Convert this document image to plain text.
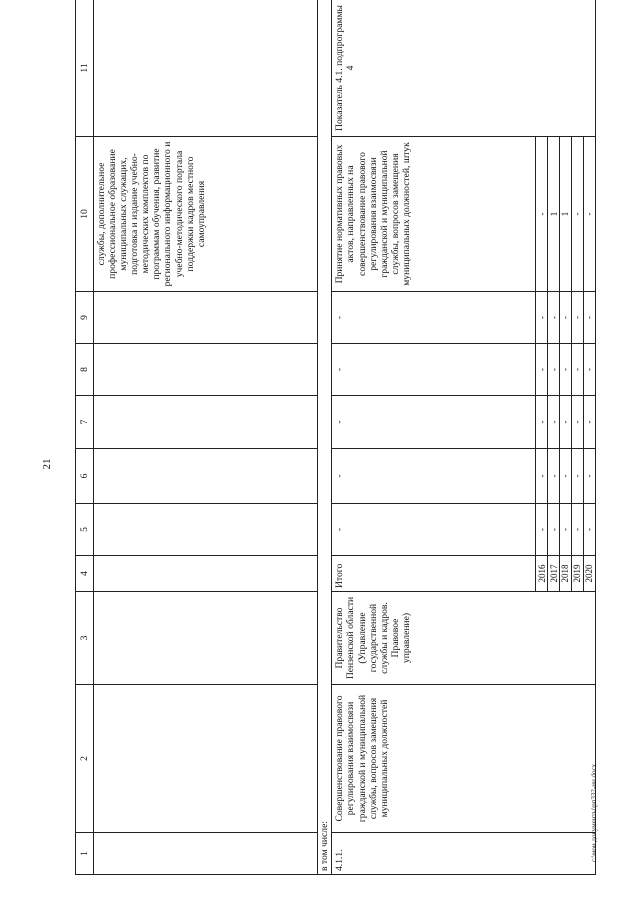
21
с:\мои документы\рп332-ин.docx
1	2	3	4	5	6	7	8	9	10	11
									службы, дополнительное профессиональное образование муниципальных служащих, подготовка и издание учебно-методических комплектов по программам обучения, развитие регионального информационного и учебно-методического портала поддержки кадров местного самоуправления	
в том числе:										
4.1.1.	Совершенствование правового регулирования взаимосвязи гражданской и муниципальной службы, вопросов замещения муниципальных должностей	Правительство Пензенской области (Управление государственной службы и кадров. Правовое управление)	Итого	-	-	-	-	-	Принятие нормативных правовых актов, направленных на совершенствование правового регулирования взаимосвязи гражданской и муниципальной службы, вопросов замещения муниципальных должностей, штук	Показатель 4.1. подпрограммы 4
			2016	-	-	-	-	-	-	
			2017	-	-	-	-	-	1	
			2018	-	-	-	-	-	1	
			2019	-	-	-	-	-	-	
			2020	-	-	-	-	-	-	
